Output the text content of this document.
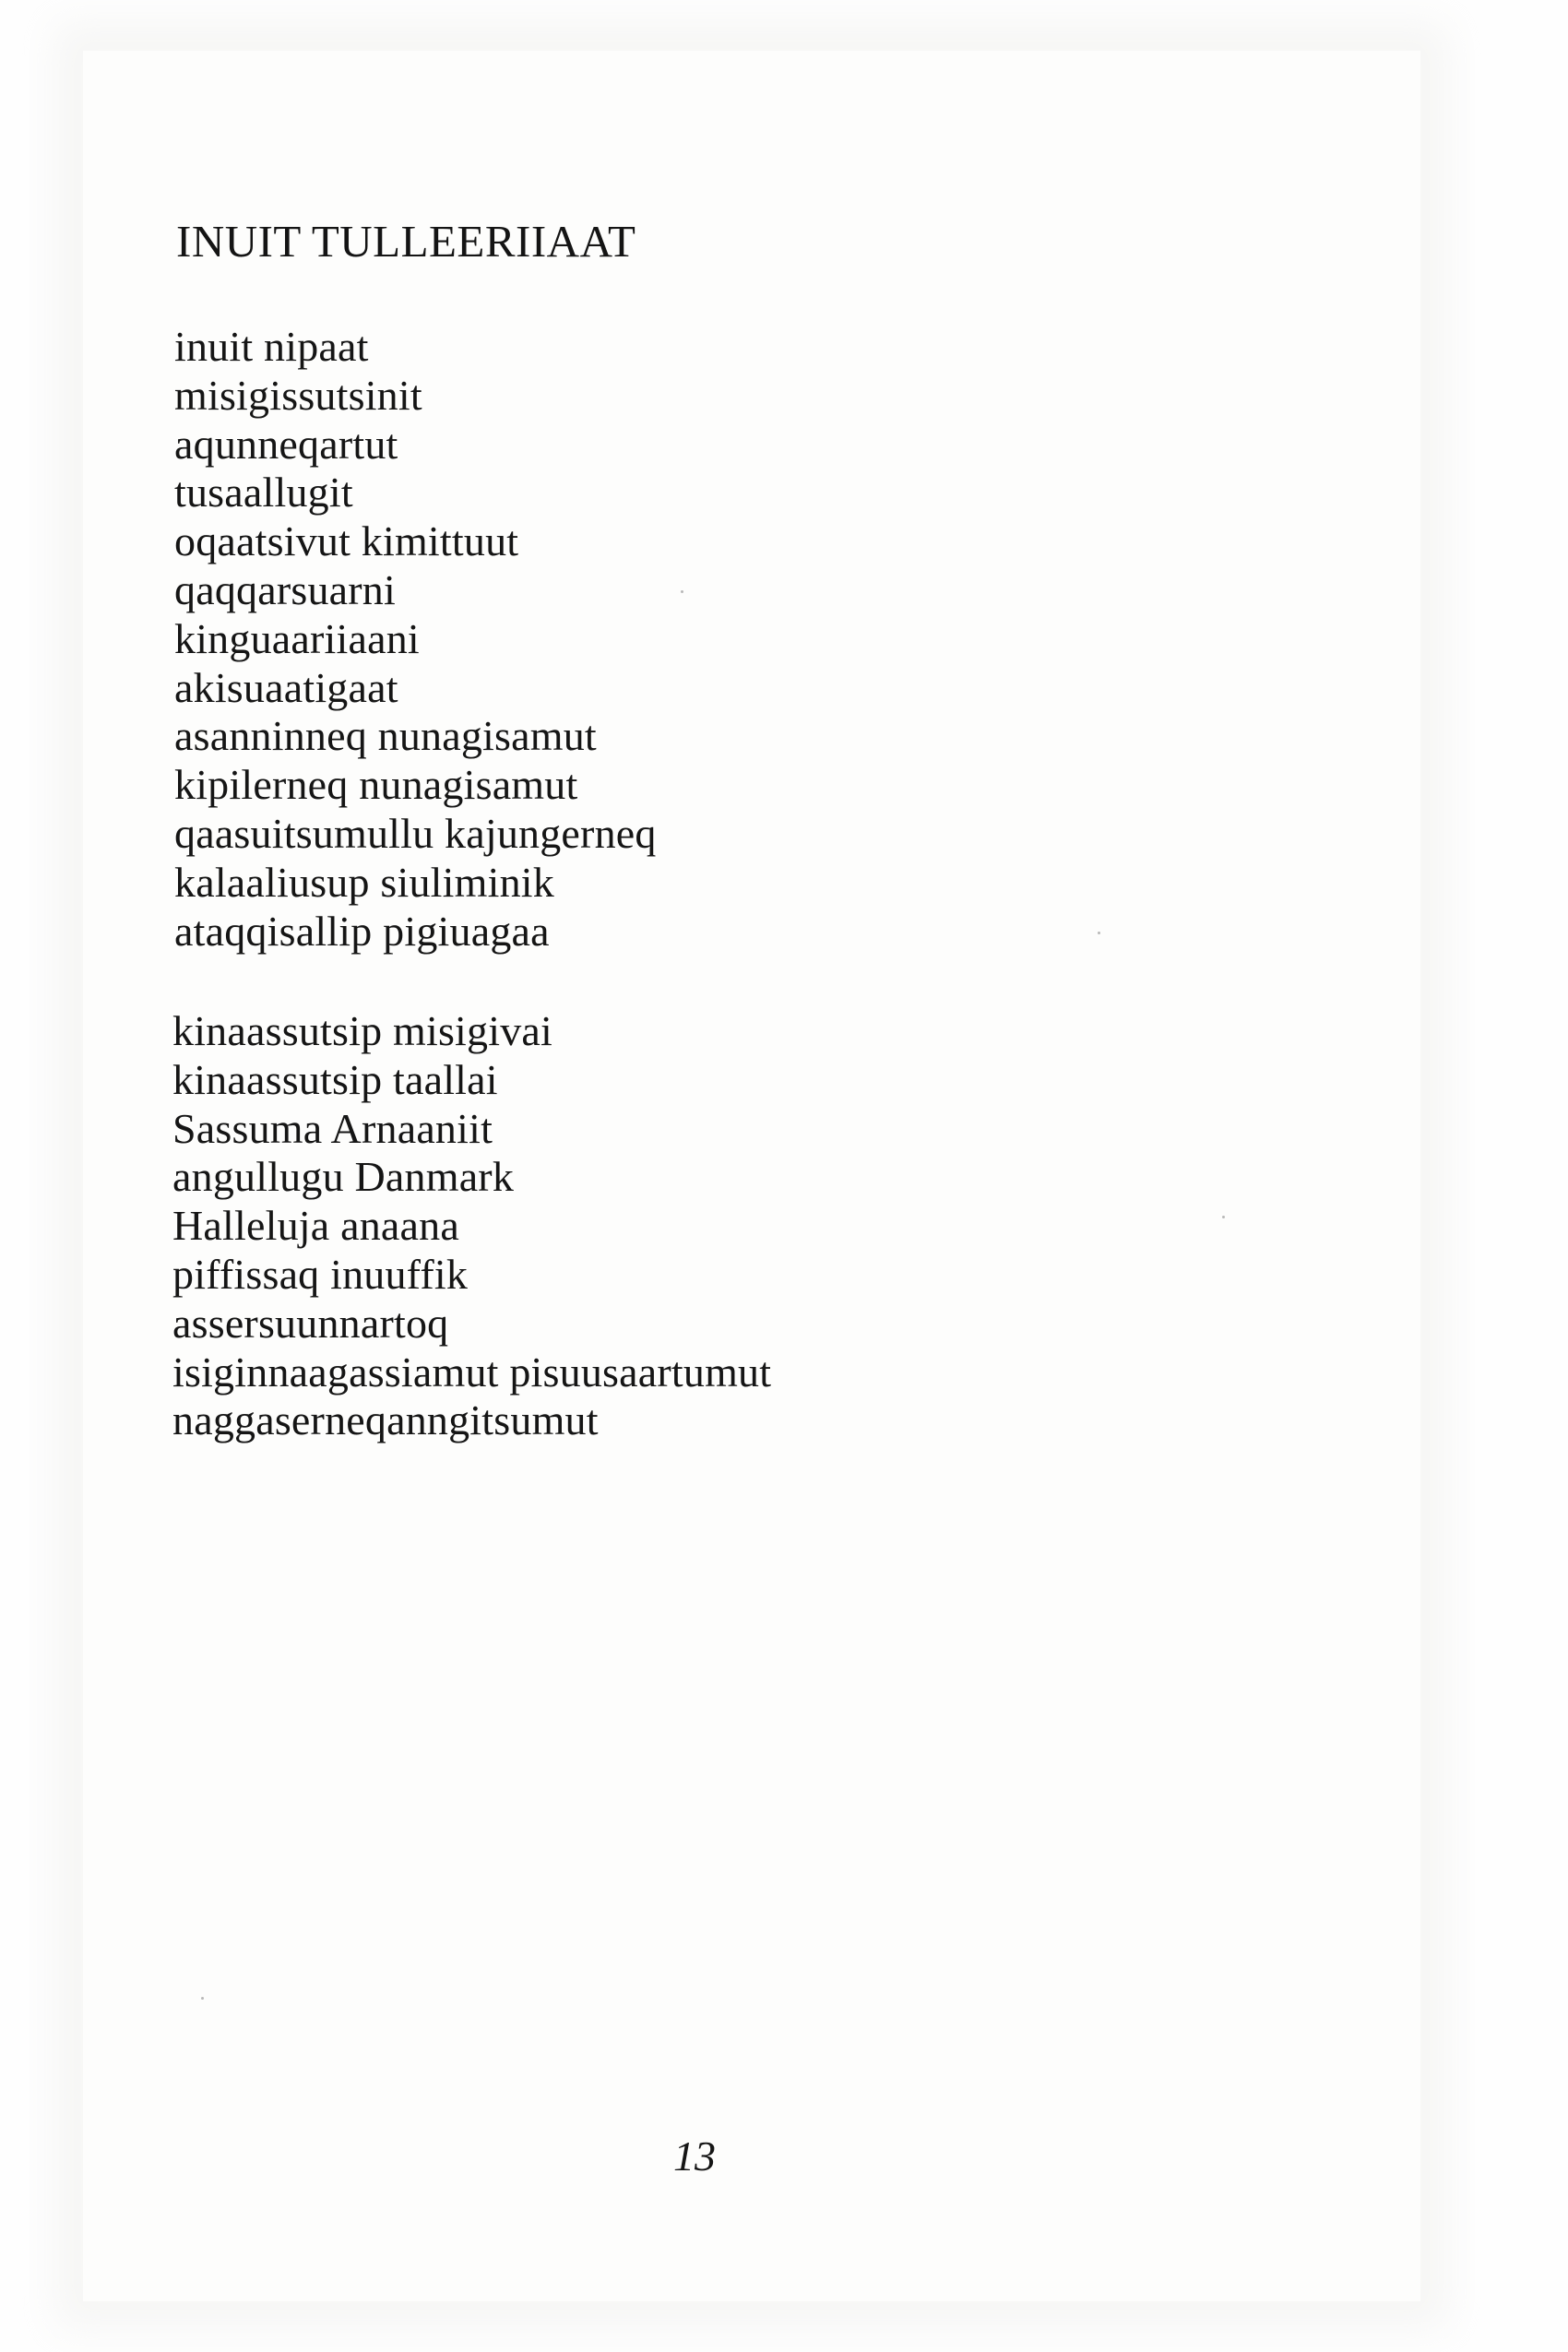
INUIT TULLEERIIAAT
inuit nipaat
misigissutsinit
aqunneqartut
tusaallugit
oqaatsivut kimittuut
qaqqarsuarni
kinguaariiaani
akisuaatigaat
asanninneq nunagisamut
kipilerneq nunagisamut
qaasuitsumullu kajungerneq
kalaaliusup siuliminik
ataqqisallip pigiuagaa
kinaassutsip misigivai
kinaassutsip taallai
Sassuma Arnaaniit
angullugu Danmark
Halleluja anaana
piffissaq inuuffik
assersuunnartoq
isiginnaagassiamut pisuusaartumut
naggaserneqanngitsumut
13
